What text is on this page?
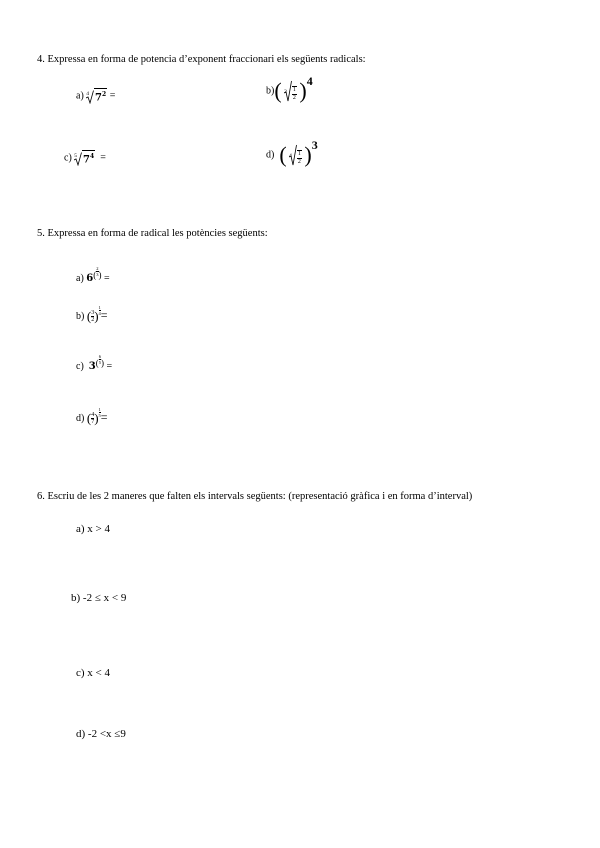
4. Expressa en forma de potencia d’exponent fraccionari els següents radicals:
a) 4 $7^2$ =	b)( $3 \frac{1}{2} )4$
c) 5 $7^4$ =	d) ( $4 \frac{1}{2} )3$
5. Expressa en forma de radical les potències següents:
a) $6( \frac{2}{3}$ ) =
b) ( $\frac{3}{2}$ ) $\frac{1}{4}$ =
c) $3( \frac{6}{5}$ ) =
d) ( $\frac{4}{7}$ ) $\frac{1}{5}$ =
6. Escriu de les 2 maneres que falten els intervals següents: (representació gràfica i en forma d’interval)
a) x > 4
b) -2 ≤ x < 9
c) x < 4
d) -2 <x ≤9
